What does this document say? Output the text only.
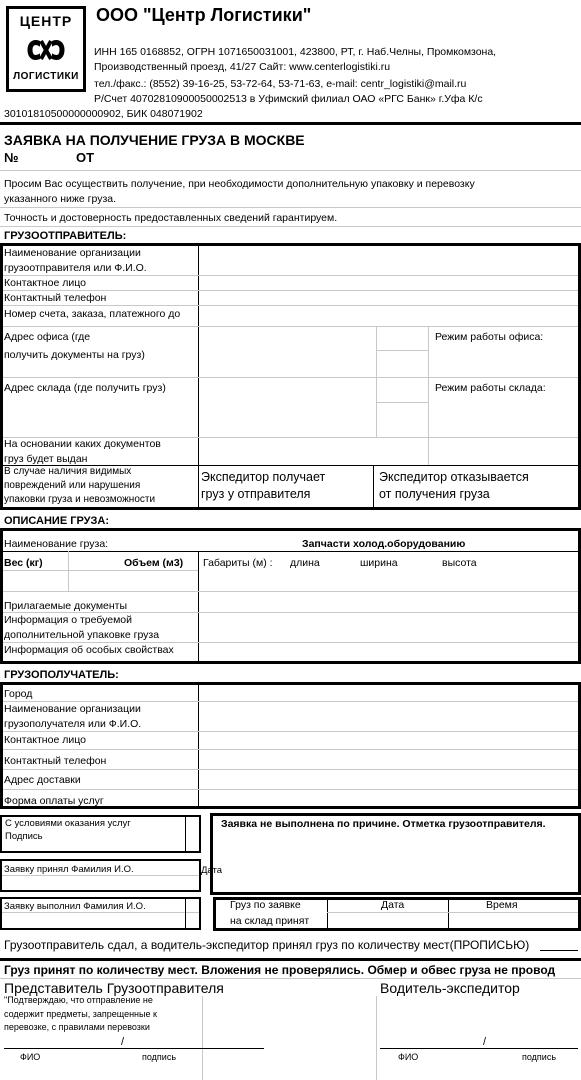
ЦЕНТР
ЛОГИСТИКИ
ООО "Центр Логистики"
ИНН 165 0168852, ОГРН 1071650031001, 423800, РТ, г. Наб.Челны, Промкомзона,
Производственный проезд, 41/27 Сайт: www.centerlogistiki.ru
тел./факс.: (8552) 39-16-25, 53-72-64, 53-71-63, e-mail: centr_logistiki@mail.ru
Р/Счет 40702810900050002513 в Уфимский филиал ОАО «РГС Банк» г.Уфа К/с
30101810500000000902, БИК 048071902
ЗАЯВКА НА ПОЛУЧЕНИЕ ГРУЗА В МОСКВЕ
№	ОТ
Просим Вас осуществить получение, при необходимости дополнительную упаковку и перевозку
указанного ниже груза.
Точность и достоверность предоставленных сведений гарантируем.
ГРУЗООТПРАВИТЕЛЬ:
Наименование организации
грузоотправителя или Ф.И.О.
Контактное лицо
Контактный телефон
Номер счета, заказа, платежного до
Адрес офиса (где
получить документы на груз)
Режим работы офиса:
Адрес склада (где получить груз)	Режим работы склада:
На основании каких документов
груз будет выдан
В случае наличия видимых
повреждений или нарушения
упаковки груза и невозможности
Экспедитор получает
груз у отправителя
Экспедитор отказывается
от получения груза
ОПИСАНИЕ ГРУЗА:
Наименование груза:	Запчасти холод.оборудованию
Вес (кг)	Объем (м3) Габариты (м) : длина	ширина	высота
Прилагаемые документы
Информация о требуемой
дополнительной упаковке груза
Информация об особых свойствах
ГРУЗОПОЛУЧАТЕЛЬ:
Город
Наименование организации
грузополучателя или Ф.И.О.
Контактное лицо
Контактный телефон
Адрес доставки
Форма оплаты услуг
С условиями оказания услуг
Подпись
Заявка не выполнена по причине. Отметка грузоотправителя.
Заявку принял Фамилия И.О.	Дата
Заявку выполнил Фамилия И.О.	Груз по заявке
на склад принят
Дата	Время
Грузоотправитель сдал, а водитель-экспедитор принял груз по количеству мест(ПРОПИСЬЮ)
Груз принят по количеству мест. Вложения не проверялись. Обмер и обвес груза не провод
Представитель Грузоотправителя	Водитель-экспедитор
"Подтверждаю, что отправление не
содержит предметы, запрещенные к
перевозке, с правилами перевозки
/
ФИО	подпись
/
ФИО	подпись
